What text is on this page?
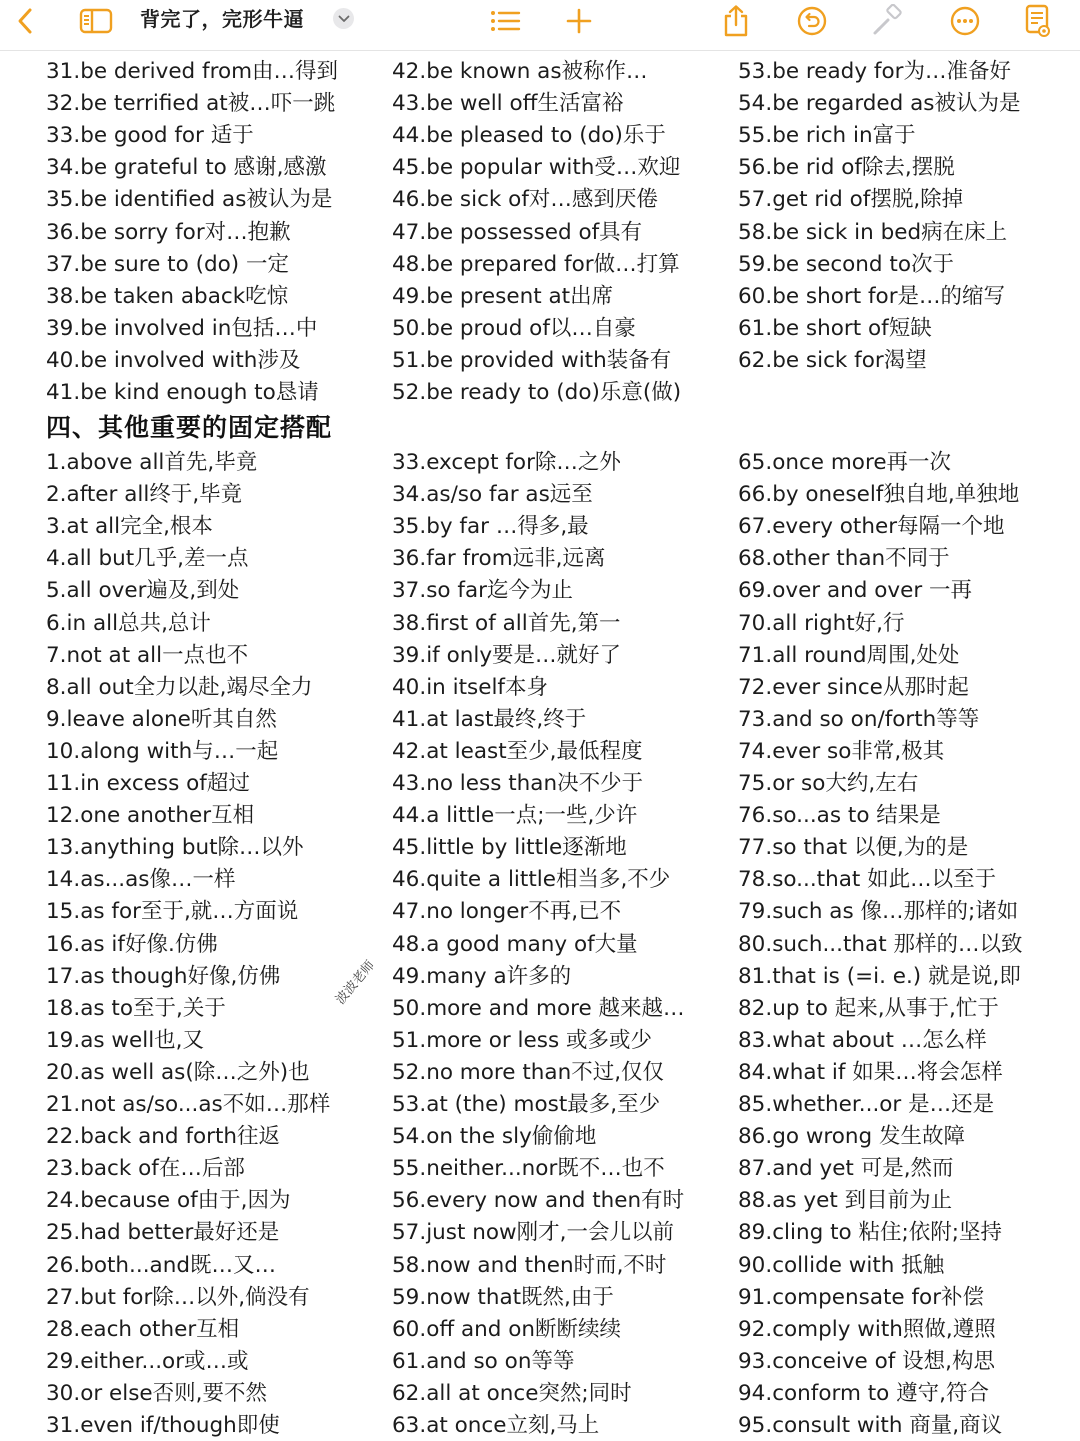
背完了，完形牛逼
31.be derived from由…得到
32.be terrified at被…吓一跳
33.be good for 适于
34.be grateful to 感谢,感激
35.be identified as被认为是
36.be sorry for对…抱歉
37.be sure to (do) 一定
38.be taken aback吃惊
39.be involved in包括…中
40.be involved with涉及
41.be kind enough to恳请
42.be known as被称作…
43.be well off生活富裕
44.be pleased to (do)乐于
45.be popular with受…欢迎
46.be sick of对…感到厌倦
47.be possessed of具有
48.be prepared for做…打算
49.be present at出席
50.be proud of以…自豪
51.be provided with装备有
52.be ready to (do)乐意(做)
53.be ready for为…准备好
54.be regarded as被认为是
55.be rich in富于
56.be rid of除去,摆脱
57.get rid of摆脱,除掉
58.be sick in bed病在床上
59.be second to次于
60.be short for是…的缩写
61.be short of短缺
62.be sick for渴望
四、其他重要的固定搭配
1.above all首先,毕竟
2.after all终于,毕竟
3.at all完全,根本
4.all but几乎,差一点
5.all over遍及,到处
6.in all总共,总计
7.not at all一点也不
8.all out全力以赴,竭尽全力
9.leave alone听其自然
10.along with与…一起
11.in excess of超过
12.one another互相
13.anything but除…以外
14.as...as像…一样
15.as for至于,就…方面说
16.as if好像.仿佛
17.as though好像,仿佛
18.as to至于,关于
19.as well也,又
20.as well as(除…之外)也
21.not as/so...as不如…那样
22.back and forth往返
23.back of在…后部
24.because of由于,因为
25.had better最好还是
26.both...and既…又…
27.but for除…以外,倘没有
28.each other互相
29.either...or或…或
30.or else否则,要不然
31.even if/though即使
33.except for除…之外
34.as/so far as远至
35.by far …得多,最
36.far from远非,远离
37.so far迄今为止
38.first of all首先,第一
39.if only要是…就好了
40.in itself本身
41.at last最终,终于
42.at least至少,最低程度
43.no less than决不少于
44.a little一点;一些,少许
45.little by little逐渐地
46.quite a little相当多,不少
47.no longer不再,已不
48.a good many of大量
49.many a许多的
50.more and more 越来越…
51.more or less 或多或少
52.no more than不过,仅仅
53.at (the) most最多,至少
54.on the sly偷偷地
55.neither...nor既不…也不
56.every now and then有时
57.just now刚才,一会儿以前
58.now and then时而,不时
59.now that既然,由于
60.off and on断断续续
61.and so on等等
62.all at once突然;同时
63.at once立刻,马上
65.once more再一次
66.by oneself独自地,单独地
67.every other每隔一个地
68.other than不同于
69.over and over 一再
70.all right好,行
71.all round周围,处处
72.ever since从那时起
73.and so on/forth等等
74.ever so非常,极其
75.or so大约,左右
76.so...as to 结果是
77.so that 以便,为的是
78.so...that 如此…以至于
79.such as 像…那样的;诸如
80.such...that 那样的…以致
81.that is (=i. e.) 就是说,即
82.up to 起来,从事于,忙于
83.what about …怎么样
84.what if 如果…将会怎样
85.whether...or 是…还是
86.go wrong 发生故障
87.and yet 可是,然而
88.as yet 到目前为止
89.cling to 粘住;依附;坚持
90.collide with 抵触
91.compensate for补偿
92.comply with照做,遵照
93.conceive of 设想,构思
94.conform to 遵守,符合
95.consult with 商量,商议
波波老师
